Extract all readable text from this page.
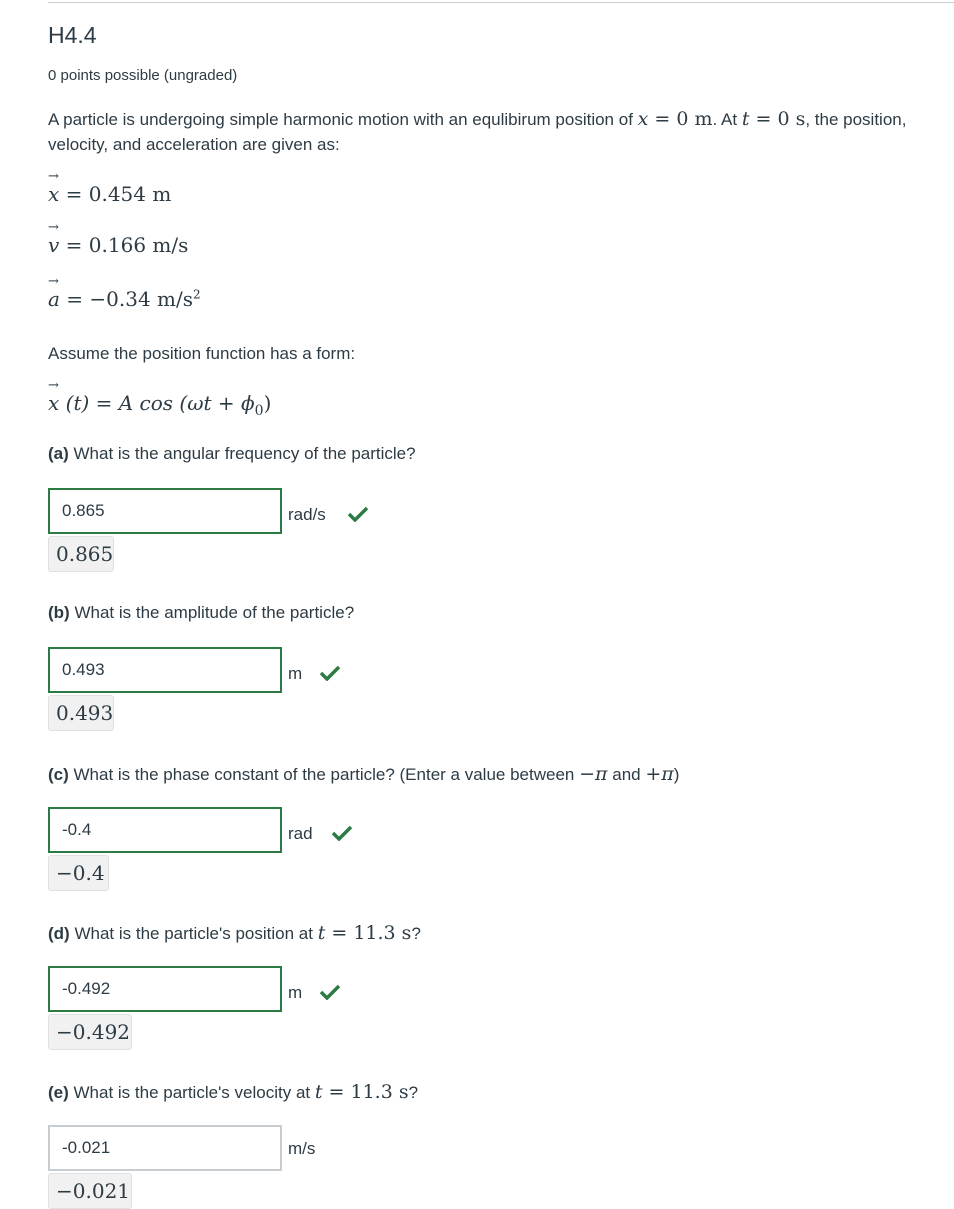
H4.4
0 points possible (ungraded)
A particle is undergoing simple harmonic motion with an equlibirum position of x = 0 m. At t = 0 s, the position, velocity, and acceleration are given as:
→
x = 0.454 m
→
v = 0.166 m/s
→
a = −0.34 $m/s^2$
Assume the position function has a form:
→
x (t) = A $\cos (\omega t + \phi_0)$
(a) What is the angular frequency of the particle?
0.865	rad/s
0.865
(b) What is the amplitude of the particle?
0.493	m
0.493
(c) What is the phase constant of the particle? (Enter a value between −π and +π)
-0.4	rad
−0.4
(d) What is the particle's position at t = 11.3 s?
-0.492	m
−0.492
(e) What is the particle's velocity at t = 11.3 s?
-0.021	m/s
−0.021
